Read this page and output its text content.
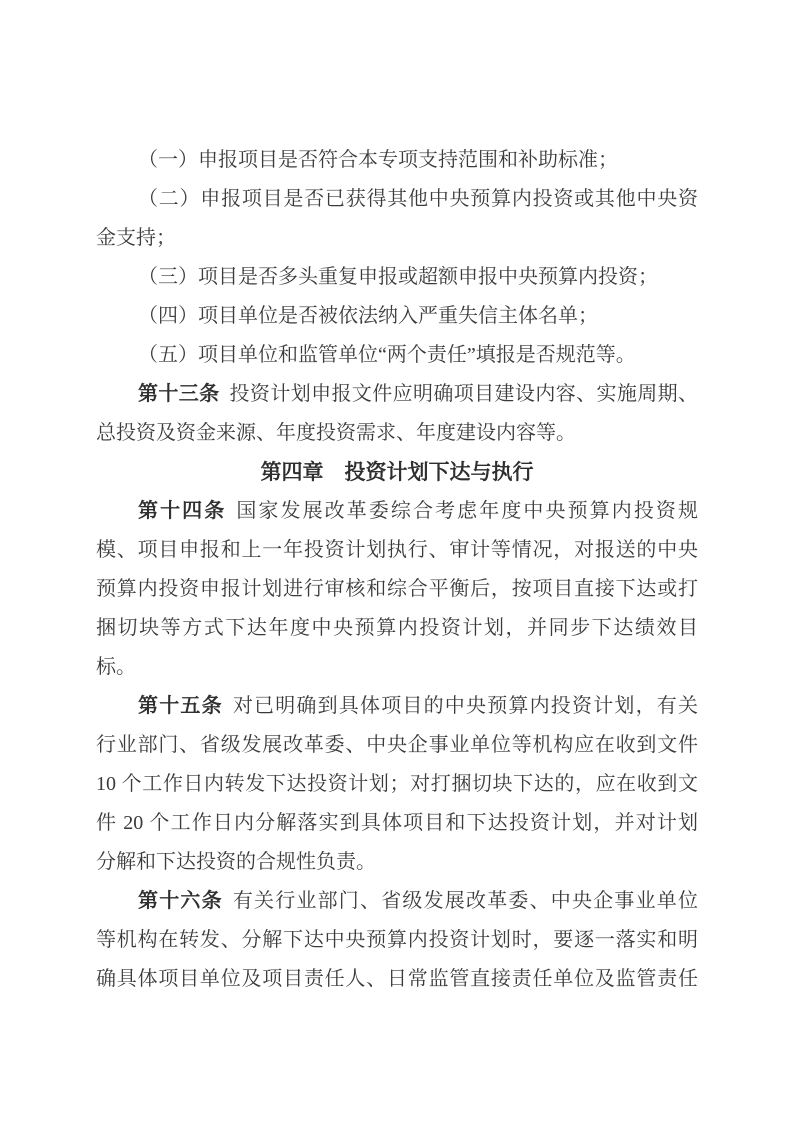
（一）申报项目是否符合本专项支持范围和补助标准；
（二）申报项目是否已获得其他中央预算内投资或其他中央资
金支持；
（三）项目是否多头重复申报或超额申报中央预算内投资；
（四）项目单位是否被依法纳入严重失信主体名单；
（五）项目单位和监管单位“两个责任”填报是否规范等。
第十三条 投资计划申报文件应明确项目建设内容、实施周期、
总投资及资金来源、年度投资需求、年度建设内容等。
第四章　投资计划下达与执行
第十四条 国家发展改革委综合考虑年度中央预算内投资规
模、项目申报和上一年投资计划执行、审计等情况，对报送的中央
预算内投资申报计划进行审核和综合平衡后，按项目直接下达或打
捆切块等方式下达年度中央预算内投资计划，并同步下达绩效目
标。
第十五条 对已明确到具体项目的中央预算内投资计划，有关
行业部门、省级发展改革委、中央企事业单位等机构应在收到文件
10 个工作日内转发下达投资计划；对打捆切块下达的，应在收到文
件 20 个工作日内分解落实到具体项目和下达投资计划，并对计划
分解和下达投资的合规性负责。
第十六条 有关行业部门、省级发展改革委、中央企事业单位
等机构在转发、分解下达中央预算内投资计划时，要逐一落实和明
确具体项目单位及项目责任人、日常监管直接责任单位及监管责任
